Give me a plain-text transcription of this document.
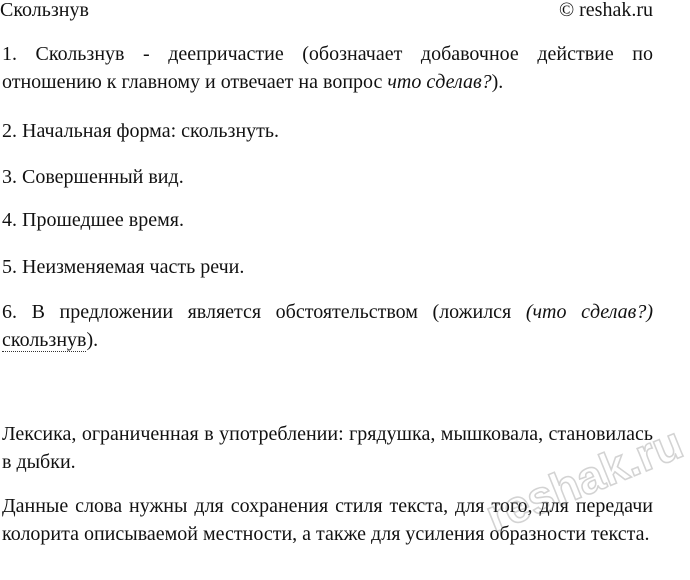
Скользнув	© reshak.ru

1. Скользнув - деепричастие (обозначает добавочное действие по отношению к главному и отвечает на вопрос что сделав?).

2. Начальная форма: скользнуть.

3. Совершенный вид.

4. Прошедшее время.

5. Неизменяемая часть речи.

6. В предложении является обстоятельством (ложился (что сделав?) скользнув).

Лексика, ограниченная в употреблении: грядушка, мышковала, становилась в дыбки.

Данные слова нужны для сохранения стиля текста, для того, для передачи колорита описываемой местности, а также для усиления образности текста.

reshak.ru
